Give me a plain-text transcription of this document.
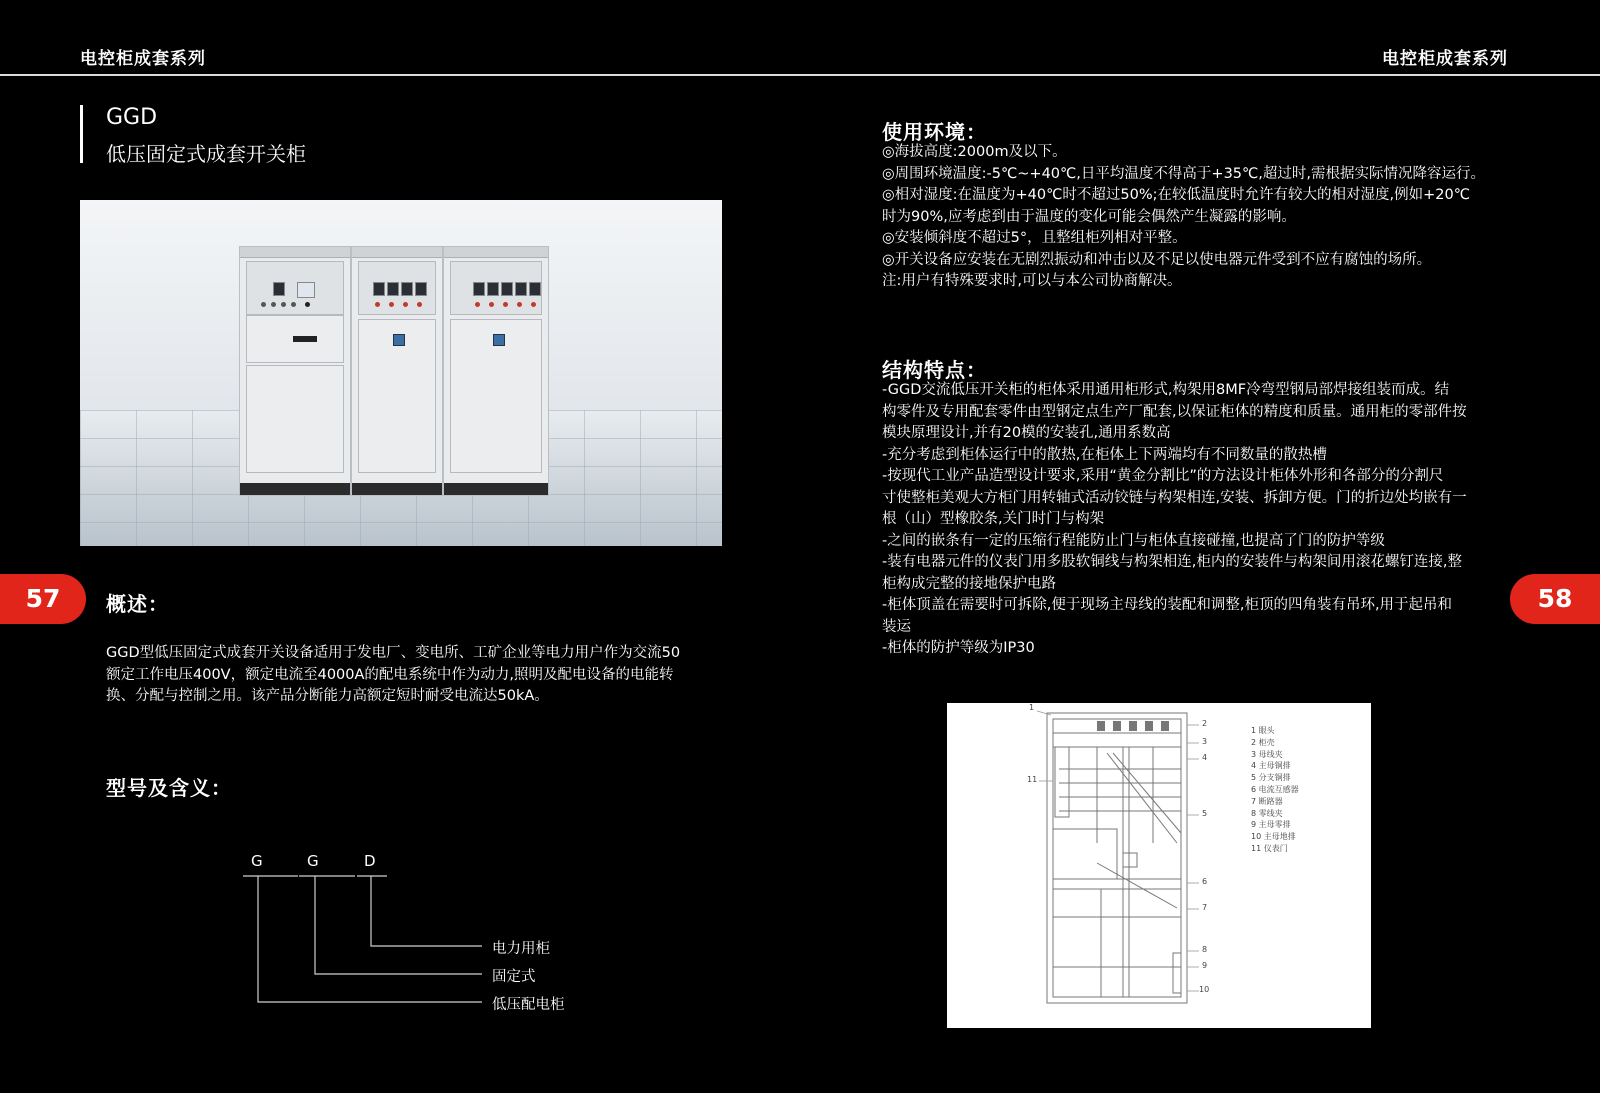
电控柜成套系列	电控柜成套系列
GGD
低压固定式成套开关柜
57	58
概述：
GGD型低压固定式成套开关设备适用于发电厂、变电所、工矿企业等电力用户作为交流50
额定工作电压400V，额定电流至4000A的配电系统中作为动力,照明及配电设备的电能转
换、分配与控制之用。该产品分断能力高额定短时耐受电流达50kA。
型号及含义：
G	G	D
电力用柜
固定式
低压配电柜
使用环境：
◎海拔高度:2000m及以下。
◎周围环境温度:-5℃~+40℃,日平均温度不得高于+35℃,超过时,需根据实际情况降容运行。
◎相对湿度:在温度为+40℃时不超过50%;在较低温度时允许有较大的相对湿度,例如+20℃
时为90%,应考虑到由于温度的变化可能会偶然产生凝露的影响。
◎安装倾斜度不超过5°，且整组柜列相对平整。
◎开关设备应安装在无剧烈振动和冲击以及不足以使电器元件受到不应有腐蚀的场所。
注:用户有特殊要求时,可以与本公司协商解决。
结构特点：
-GGD交流低压开关柜的柜体采用通用柜形式,构架用8MF冷弯型钢局部焊接组装而成。结
构零件及专用配套零件由型钢定点生产厂配套,以保证柜体的精度和质量。通用柜的零部件按
模块原理设计,并有20模的安装孔,通用系数高
-充分考虑到柜体运行中的散热,在柜体上下两端均有不同数量的散热槽
-按现代工业产品造型设计要求,采用“黄金分割比”的方法设计柜体外形和各部分的分割尺
寸使整柜美观大方柜门用转轴式活动铰链与构架相连,安装、拆卸方便。门的折边处均嵌有一
根（山）型橡胶条,关门时门与构架
-之间的嵌条有一定的压缩行程能防止门与柜体直接碰撞,也提高了门的防护等级
-装有电器元件的仪表门用多股软铜线与构架相连,柜内的安装件与构架间用滚花螺钉连接,整
柜构成完整的接地保护电路
-柜体顶盖在需要时可拆除,便于现场主母线的装配和调整,柜顶的四角装有吊环,用于起吊和
装运
-柜体的防护等级为IP30
1
2
3
4
5
6
7
8
9
10
11
1 眼头
2 柜壳
3 母线夹
4 主母铜排
5 分支铜排
6 电流互感器
7 断路器
8 零线夹
9 主母零排
10 主母地排
11 仪表门
